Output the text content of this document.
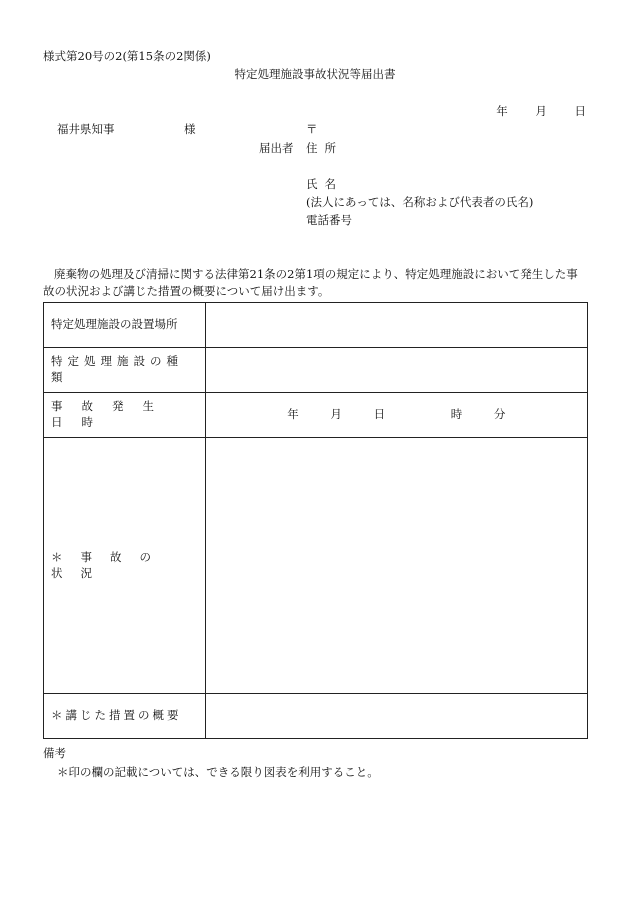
様式第20号の2(第15条の2関係)
特定処理施設事故状況等届出書
年 月 日
福井県知事	様	〒
届出者 住所
氏名
(法人にあっては、名称および代表者の氏名)
電話番号
廃棄物の処理及び清掃に関する法律第21条の2第1項の規定により、特定処理施設において発生した事故の状況および講じた措置の概要について届け出ます。
特定処理施設の設置場所	

特定処理施設の種類	

事故発生日時	年 月 日 時 分

＊事故の状況	

＊講じた措置の概要	

備考
＊印の欄の記載については、できる限り図表を利用すること。
